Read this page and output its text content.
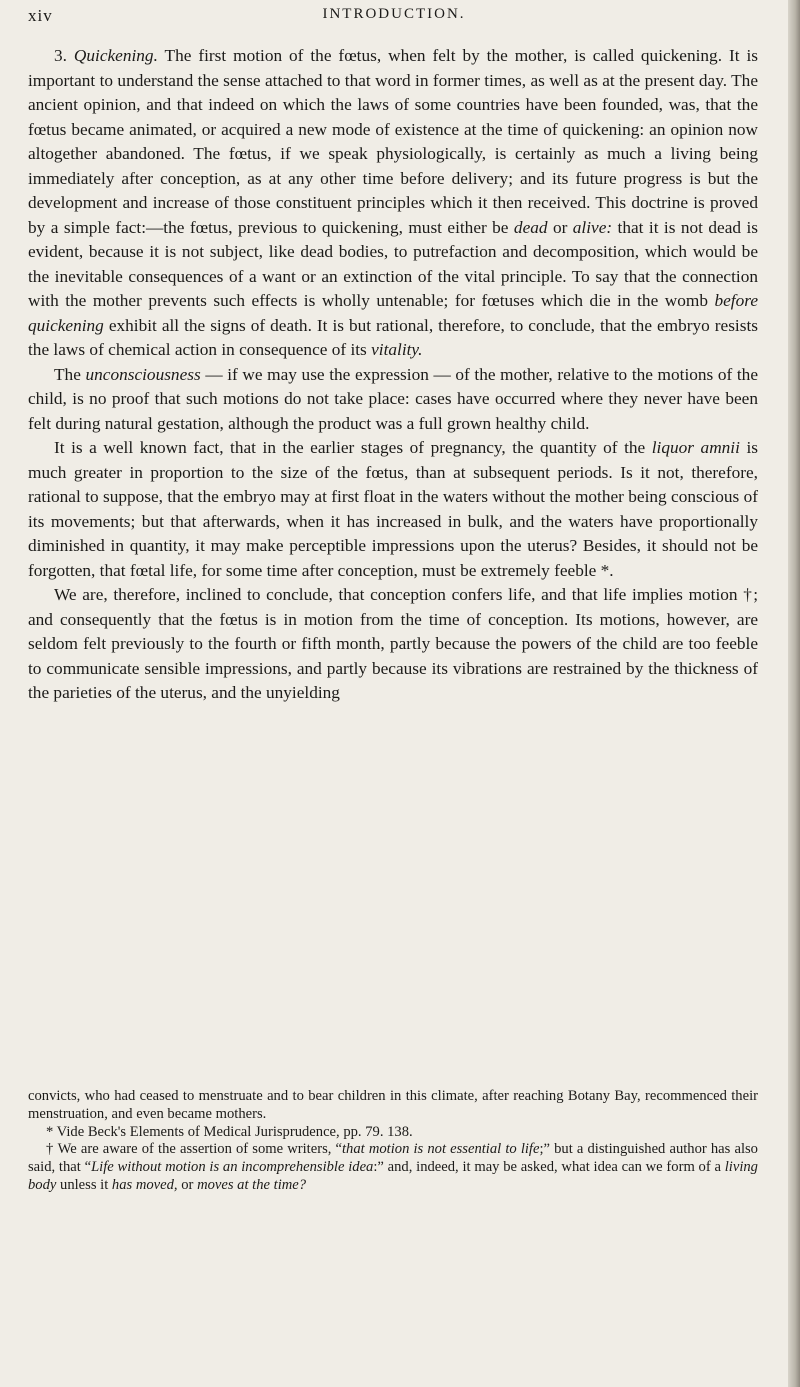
xiv	INTRODUCTION.

3. Quickening. The first motion of the fœtus, when felt by the mother, is called quickening. It is important to understand the sense attached to that word in former times, as well as at the present day. The ancient opinion, and that indeed on which the laws of some countries have been founded, was, that the fœtus became animated, or acquired a new mode of existence at the time of quickening: an opinion now altogether abandoned. The fœtus, if we speak physiologically, is certainly as much a living being immediately after conception, as at any other time before delivery; and its future progress is but the development and increase of those constituent principles which it then received. This doctrine is proved by a simple fact:—the fœtus, previous to quickening, must either be dead or alive: that it is not dead is evident, because it is not subject, like dead bodies, to putrefaction and decomposition, which would be the inevitable consequences of a want or an extinction of the vital principle. To say that the connection with the mother prevents such effects is wholly untenable; for fœtuses which die in the womb before quickening exhibit all the signs of death. It is but rational, therefore, to conclude, that the embryo resists the laws of chemical action in consequence of its vitality.

The unconsciousness — if we may use the expression — of the mother, relative to the motions of the child, is no proof that such motions do not take place: cases have occurred where they never have been felt during natural gestation, although the product was a full grown healthy child.

It is a well known fact, that in the earlier stages of pregnancy, the quantity of the liquor amnii is much greater in proportion to the size of the fœtus, than at subsequent periods. Is it not, therefore, rational to suppose, that the embryo may at first float in the waters without the mother being conscious of its movements; but that afterwards, when it has increased in bulk, and the waters have proportionally diminished in quantity, it may make perceptible impressions upon the uterus? Besides, it should not be forgotten, that fœtal life, for some time after conception, must be extremely feeble *.

We are, therefore, inclined to conclude, that conception confers life, and that life implies motion †; and consequently that the fœtus is in motion from the time of conception. Its motions, however, are seldom felt previously to the fourth or fifth month, partly because the powers of the child are too feeble to communicate sensible impressions, and partly because its vibrations are restrained by the thickness of the parieties of the uterus, and the unyielding

convicts, who had ceased to menstruate and to bear children in this climate, after reaching Botany Bay, recommenced their menstruation, and even became mothers.

* Vide Beck's Elements of Medical Jurisprudence, pp. 79. 138.

† We are aware of the assertion of some writers, “that motion is not essential to life;” but a distinguished author has also said, that “Life without motion is an incomprehensible idea:” and, indeed, it may be asked, what idea can we form of a living body unless it has moved, or moves at the time?
